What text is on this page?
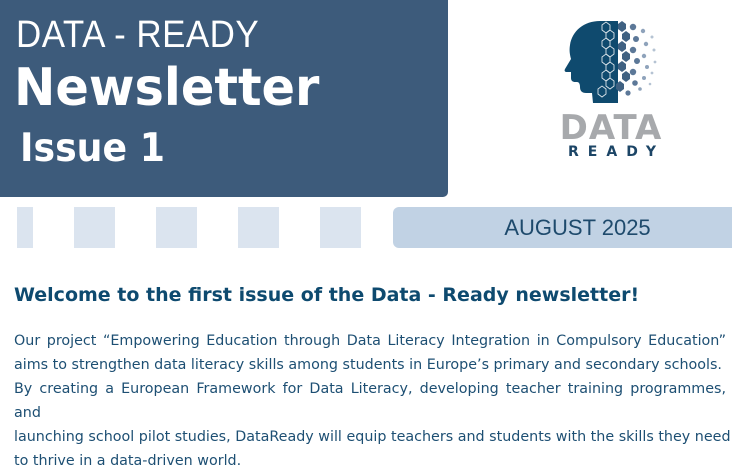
DATA - READY
Newsletter
Issue 1	DATA
READY
AUGUST 2025
Welcome to the first issue of the Data - Ready newsletter!
Our project “Empowering Education through Data Literacy Integration in Compulsory Education”
aims to strengthen data literacy skills among students in Europe’s primary and secondary schools.
By creating a European Framework for Data Literacy, developing teacher training programmes, and
launching school pilot studies, DataReady will equip teachers and students with the skills they need
to thrive in a data-driven world.
